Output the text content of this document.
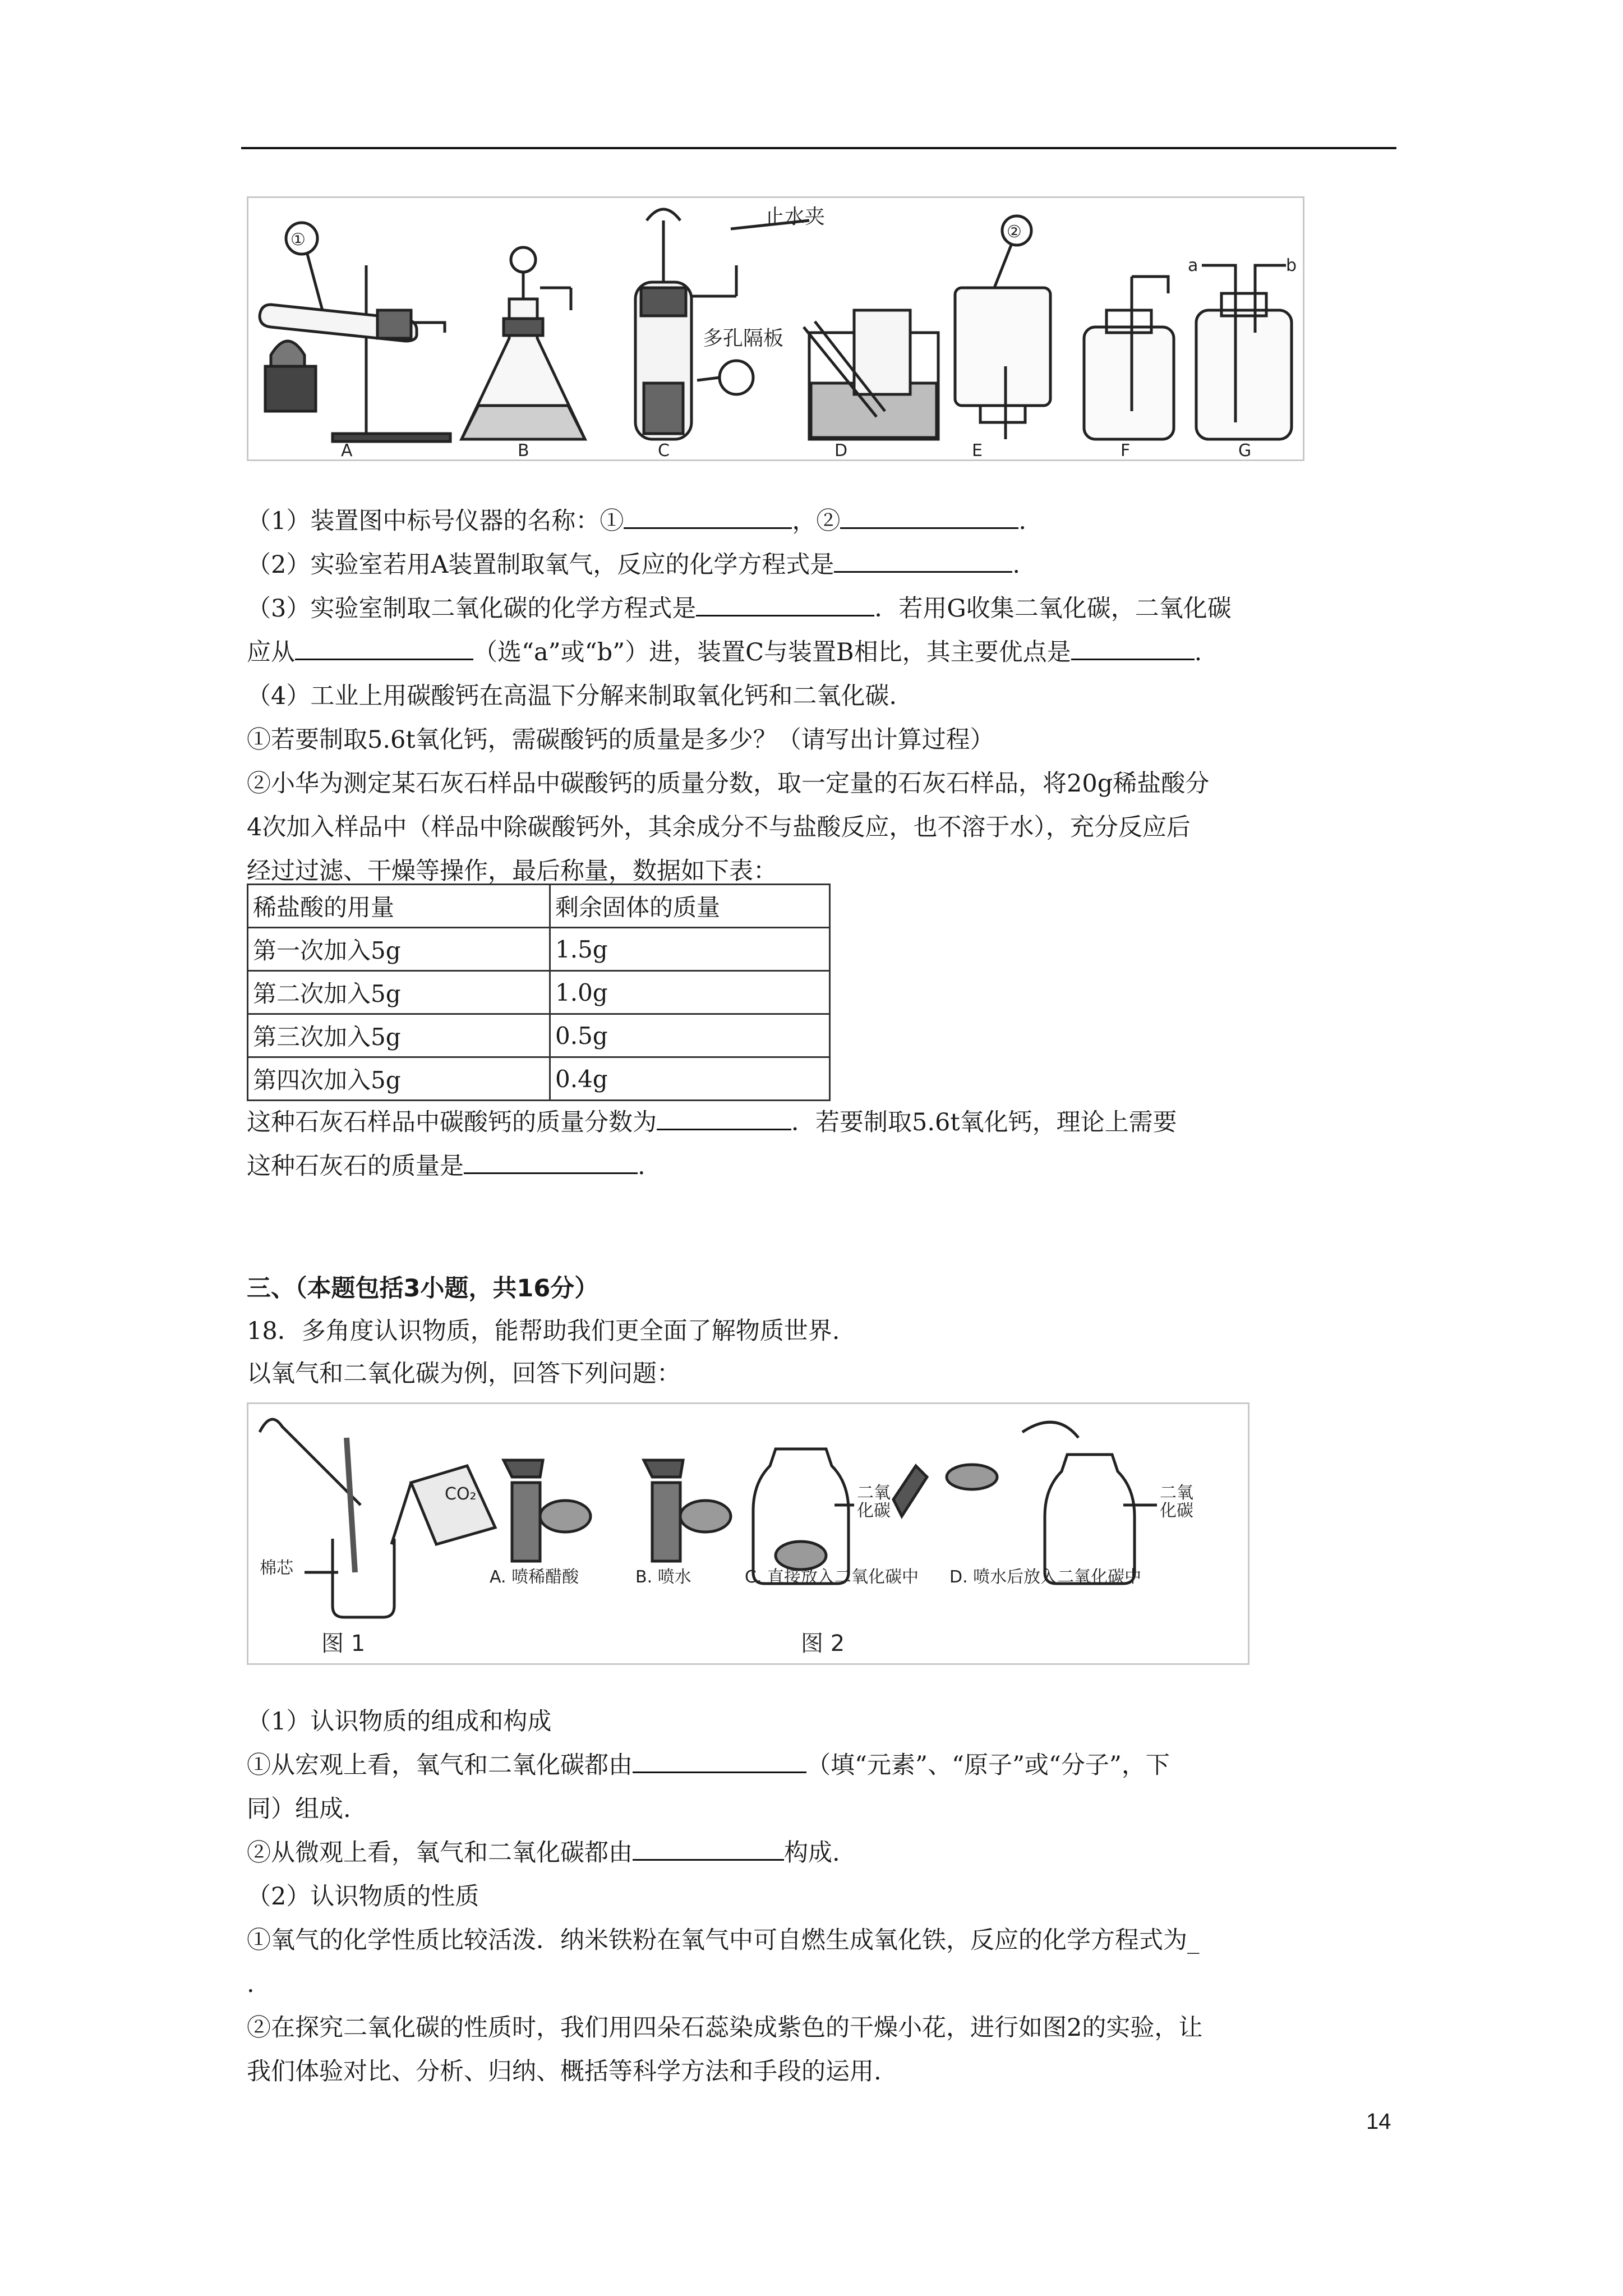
①	②
止水夹
多孔隔板
A	B	C	D	E	F	G
a	b
（1）装置图中标号仪器的名称：①	，②	.
（2）实验室若用A装置制取氧气，反应的化学方程式是	.
（3）实验室制取二氧化碳的化学方程式是	．若用G收集二氧化碳，二氧化碳
应从	（选“a”或“b”）进，装置C与装置B相比，其主要优点是	.
（4）工业上用碳酸钙在高温下分解来制取氧化钙和二氧化碳.
①若要制取5.6t氧化钙，需碳酸钙的质量是多少？（请写出计算过程）
②小华为测定某石灰石样品中碳酸钙的质量分数，取一定量的石灰石样品，将20g稀盐酸分
4次加入样品中（样品中除碳酸钙外，其余成分不与盐酸反应，也不溶于水），充分反应后
经过过滤、干燥等操作，最后称量，数据如下表：
稀盐酸的用量	剩余固体的质量
第一次加入5g	1.5g
第二次加入5g	1.0g
第三次加入5g	0.5g
第四次加入5g	0.4g
这种石灰石样品中碳酸钙的质量分数为	．若要制取5.6t氧化钙，理论上需要
这种石灰石的质量是	.
三、（本题包括3小题，共16分）
18．多角度认识物质，能帮助我们更全面了解物质世界.
以氧气和二氧化碳为例，回答下列问题：
CO₂
棉芯	A. 喷稀醋酸	B. 喷水	C. 直接放入二氧化碳中 D. 喷水后放入二氧化碳中
二氧
化碳
二氧
化碳
图 1	图 2
（1）认识物质的组成和构成
①从宏观上看，氧气和二氧化碳都由	（填“元素”、“原子”或“分子”，下
同）组成.
②从微观上看，氧气和二氧化碳都由	构成.
（2）认识物质的性质
①氧气的化学性质比较活泼．纳米铁粉在氧气中可自燃生成氧化铁，反应的化学方程式为_
.
②在探究二氧化碳的性质时，我们用四朵石蕊染成紫色的干燥小花，进行如图2的实验，让
我们体验对比、分析、归纳、概括等科学方法和手段的运用.
14
